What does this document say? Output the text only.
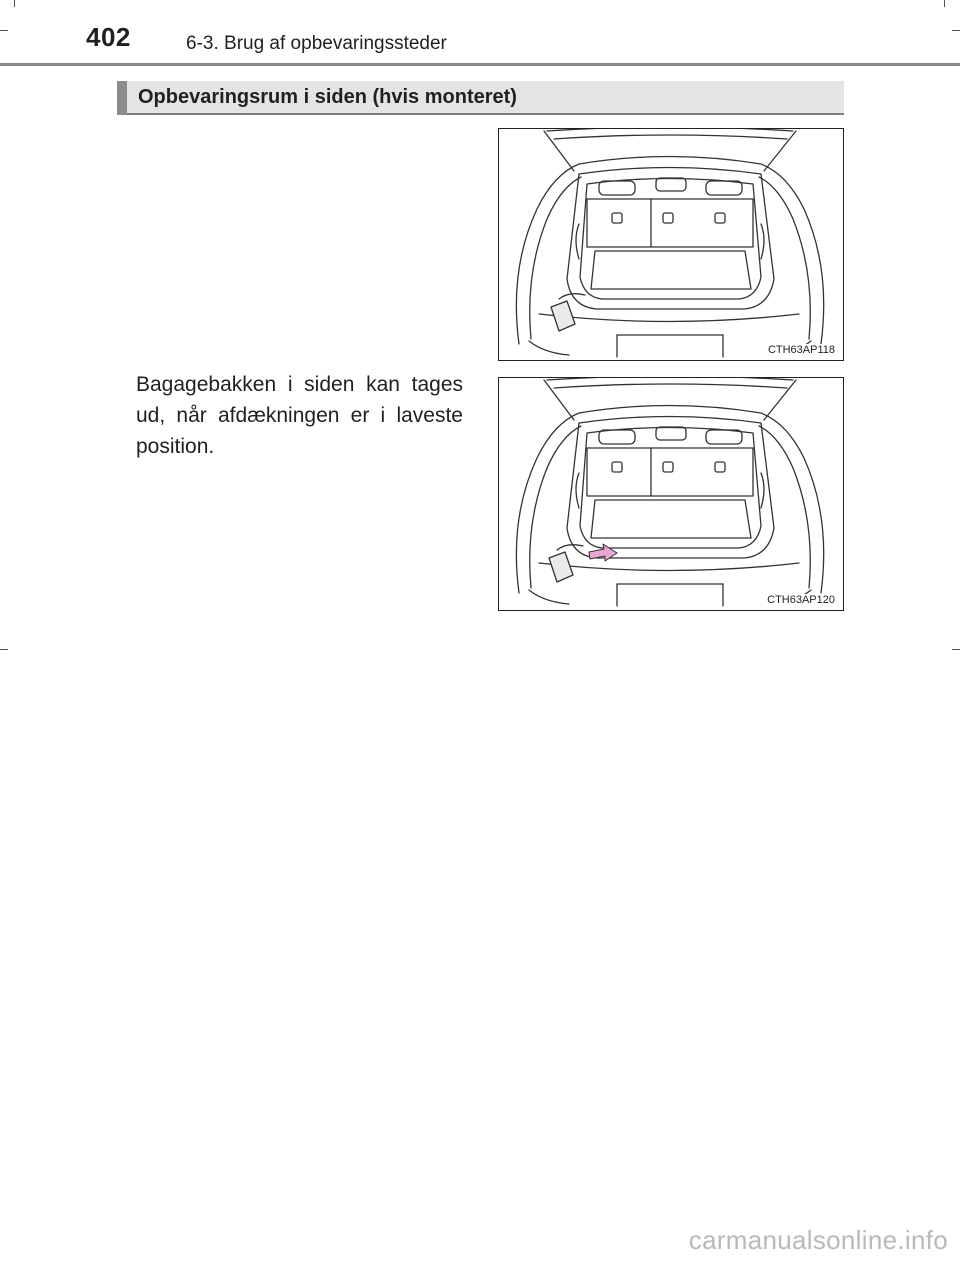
402	6-3. Brug af opbevaringssteder
Opbevaringsrum i siden (hvis monteret)
CTH63AP118
CTH63AP120
Bagagebakken i siden kan tages ud, når afdækningen er i laveste position.
carmanualsonline.info
